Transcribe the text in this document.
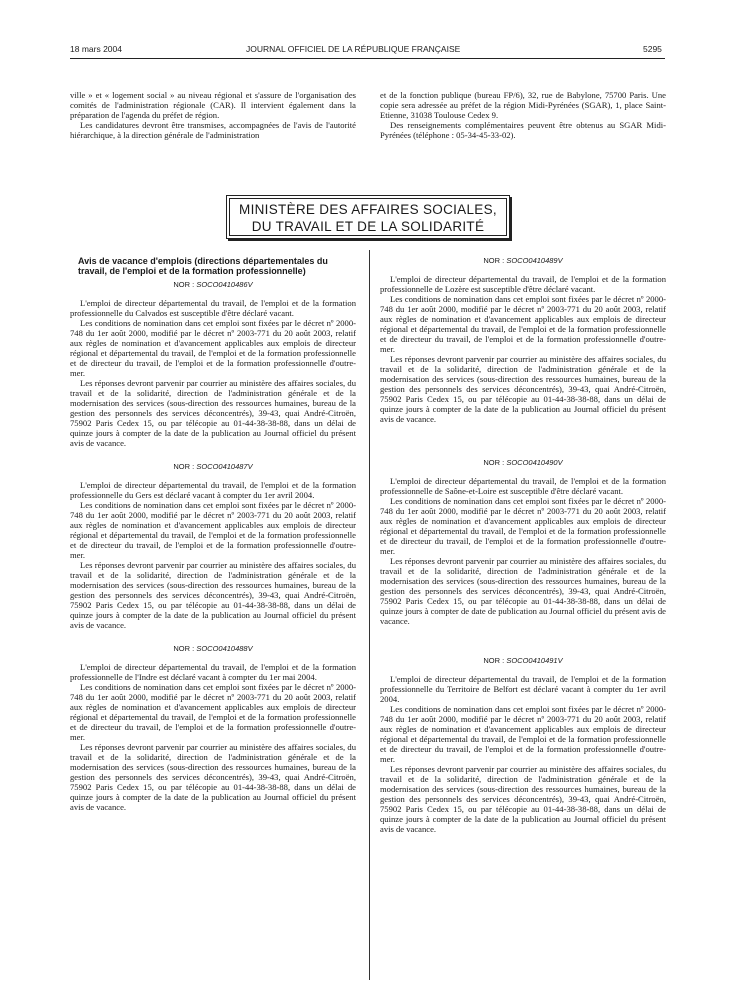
18 mars 2004	JOURNAL OFFICIEL DE LA RÉPUBLIQUE FRANÇAISE	5295

ville » et « logement social » au niveau régional et s'assure de l'organisation des comités de l'administration régionale (CAR). Il intervient également dans la préparation de l'agenda du préfet de région.

Les candidatures devront être transmises, accompagnées de l'avis de l'autorité hiérarchique, à la direction générale de l'administration

et de la fonction publique (bureau FP/6), 32, rue de Babylone, 75700 Paris. Une copie sera adressée au préfet de la région Midi-Pyrénées (SGAR), 1, place Saint-Etienne, 31038 Toulouse Cedex 9.

Des renseignements complémentaires peuvent être obtenus au SGAR Midi-Pyrénées (téléphone : 05-34-45-33-02).

MINISTÈRE DES AFFAIRES SOCIALES,
DU TRAVAIL ET DE LA SOLIDARITÉ

Avis de vacance d'emplois (directions départementales du travail, de l'emploi et de la formation professionnelle)

NOR : SOCO0410486V

L'emploi de directeur départemental du travail, de l'emploi et de la formation professionnelle du Calvados est susceptible d'être déclaré vacant.

Les conditions de nomination dans cet emploi sont fixées par le décret nº 2000-748 du 1er août 2000, modifié par le décret nº 2003-771 du 20 août 2003, relatif aux règles de nomination et d'avancement applicables aux emplois de directeur régional et départemental du travail, de l'emploi et de la formation professionnelle et de directeur du travail, de l'emploi et de la formation professionnelle d'outre-mer.

Les réponses devront parvenir par courrier au ministère des affaires sociales, du travail et de la solidarité, direction de l'administration générale et de la modernisation des services (sous-direction des ressources humaines, bureau de la gestion des personnels des services déconcentrés), 39-43, quai André-Citroën, 75902 Paris Cedex 15, ou par télécopie au 01-44-38-38-88, dans un délai de quinze jours à compter de la date de la publication au Journal officiel du présent avis de vacance.

NOR : SOCO0410487V

L'emploi de directeur départemental du travail, de l'emploi et de la formation professionnelle du Gers est déclaré vacant à compter du 1er avril 2004.

Les conditions de nomination dans cet emploi sont fixées par le décret nº 2000-748 du 1er août 2000, modifié par le décret nº 2003-771 du 20 août 2003, relatif aux règles de nomination et d'avancement applicables aux emplois de directeur régional et départemental du travail, de l'emploi et de la formation professionnelle et de directeur du travail, de l'emploi et de la formation professionnelle d'outre-mer.

Les réponses devront parvenir par courrier au ministère des affaires sociales, du travail et de la solidarité, direction de l'administration générale et de la modernisation des services (sous-direction des ressources humaines, bureau de la gestion des personnels des services déconcentrés), 39-43, quai André-Citroën, 75902 Paris Cedex 15, ou par télécopie au 01-44-38-38-88, dans un délai de quinze jours à compter de la date de la publication au Journal officiel du présent avis de vacance.

NOR : SOCO0410488V

L'emploi de directeur départemental du travail, de l'emploi et de la formation professionnelle de l'Indre est déclaré vacant à compter du 1er mai 2004.

Les conditions de nomination dans cet emploi sont fixées par le décret nº 2000-748 du 1er août 2000, modifié par le décret nº 2003-771 du 20 août 2003, relatif aux règles de nomination et d'avancement applicables aux emplois de directeur régional et départemental du travail, de l'emploi et de la formation professionnelle et de directeur du travail, de l'emploi et de la formation professionnelle d'outre-mer.

Les réponses devront parvenir par courrier au ministère des affaires sociales, du travail et de la solidarité, direction de l'administration générale et de la modernisation des services (sous-direction des ressources humaines, bureau de la gestion des personnels des services déconcentrés), 39-43, quai André-Citroën, 75902 Paris Cedex 15, ou par télécopie au 01-44-38-38-88, dans un délai de quinze jours à compter de la date de la publication au Journal officiel du présent avis de vacance.

NOR : SOCO0410489V

L'emploi de directeur départemental du travail, de l'emploi et de la formation professionnelle de Lozère est susceptible d'être déclaré vacant.

Les conditions de nomination dans cet emploi sont fixées par le décret nº 2000-748 du 1er août 2000, modifié par le décret nº 2003-771 du 20 août 2003, relatif aux règles de nomination et d'avancement applicables aux emplois de directeur régional et départemental du travail, de l'emploi et de la formation professionnelle et de directeur du travail, de l'emploi et de la formation professionnelle d'outre-mer.

Les réponses devront parvenir par courrier au ministère des affaires sociales, du travail et de la solidarité, direction de l'administration générale et de la modernisation des services (sous-direction des ressources humaines, bureau de la gestion des personnels des services déconcentrés), 39-43, quai André-Citroën, 75902 Paris Cedex 15, ou par télécopie au 01-44-38-38-88, dans un délai de quinze jours à compter de la date de la publication au Journal officiel du présent avis de vacance.

NOR : SOCO0410490V

L'emploi de directeur départemental du travail, de l'emploi et de la formation professionnelle de Saône-et-Loire est susceptible d'être déclaré vacant.

Les conditions de nomination dans cet emploi sont fixées par le décret nº 2000-748 du 1er août 2000, modifié par le décret nº 2003-771 du 20 août 2003, relatif aux règles de nomination et d'avancement applicables aux emplois de directeur régional et départemental du travail, de l'emploi et de la formation professionnelle et de directeur du travail, de l'emploi et de la formation professionnelle d'outre-mer.

Les réponses devront parvenir par courrier au ministère des affaires sociales, du travail et de la solidarité, direction de l'administration générale et de la modernisation des services (sous-direction des ressources humaines, bureau de la gestion des personnels des services déconcentrés), 39-43, quai André-Citroën, 75902 Paris Cedex 15, ou par télécopie au 01-44-38-38-88, dans un délai de quinze jours à compter de date de publication au Journal officiel du présent avis de vacance.

NOR : SOCO0410491V

L'emploi de directeur départemental du travail, de l'emploi et de la formation professionnelle du Territoire de Belfort est déclaré vacant à compter du 1er avril 2004.

Les conditions de nomination dans cet emploi sont fixées par le décret nº 2000-748 du 1er août 2000, modifié par le décret nº 2003-771 du 20 août 2003, relatif aux règles de nomination et d'avancement applicables aux emplois de directeur régional et départemental du travail, de l'emploi et de la formation professionnelle et de directeur du travail, de l'emploi et de la formation professionnelle d'outre-mer.

Les réponses devront parvenir par courrier au ministère des affaires sociales, du travail et de la solidarité, direction de l'administration générale et de la modernisation des services (sous-direction des ressources humaines, bureau de la gestion des personnels des services déconcentrés), 39-43, quai André-Citroën, 75902 Paris Cedex 15, ou par télécopie au 01-44-38-38-88, dans un délai de quinze jours à compter de la date de la publication au Journal officiel du présent avis de vacance.
